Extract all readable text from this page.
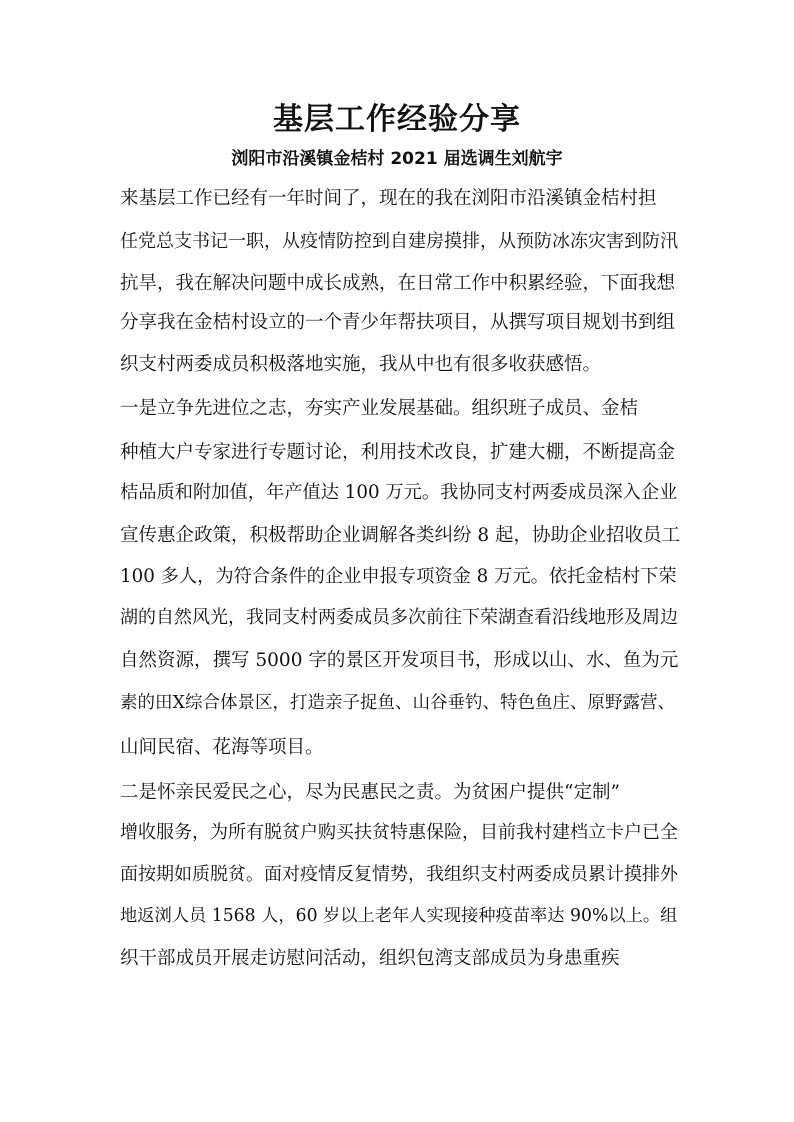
基层工作经验分享
浏阳市沿溪镇金桔村 2021 届选调生刘航宇
来基层工作已经有一年时间了，现在的我在浏阳市沿溪镇金桔村担
任党总支书记一职，从疫情防控到自建房摸排，从预防冰冻灾害到防汛
抗旱，我在解决问题中成长成熟，在日常工作中积累经验，下面我想
分享我在金桔村设立的一个青少年帮扶项目，从撰写项目规划书到组
织支村两委成员积极落地实施，我从中也有很多收获感悟。
一是立争先进位之志，夯实产业发展基础。组织班子成员、金桔
种植大户专家进行专题讨论，利用技术改良，扩建大棚，不断提高金
桔品质和附加值，年产值达 100 万元。我协同支村两委成员深入企业
宣传惠企政策，积极帮助企业调解各类纠纷 8 起，协助企业招收员工
100 多人，为符合条件的企业申报专项资金 8 万元。依托金桔村下荣
湖的自然风光，我同支村两委成员多次前往下荣湖查看沿线地形及周边
自然资源，撰写 5000 字的景区开发项目书，形成以山、水、鱼为元
素的田X综合体景区，打造亲子捉鱼、山谷垂钓、特色鱼庄、原野露营、
山间民宿、花海等项目。
二是怀亲民爱民之心，尽为民惠民之责。为贫困户提供“定制”
增收服务，为所有脱贫户购买扶贫特惠保险，目前我村建档立卡户已全
面按期如质脱贫。面对疫情反复情势，我组织支村两委成员累计摸排外
地返浏人员 1568 人，60 岁以上老年人实现接种疫苗率达 90%以上。组
织干部成员开展走访慰问活动，组织包湾支部成员为身患重疾
